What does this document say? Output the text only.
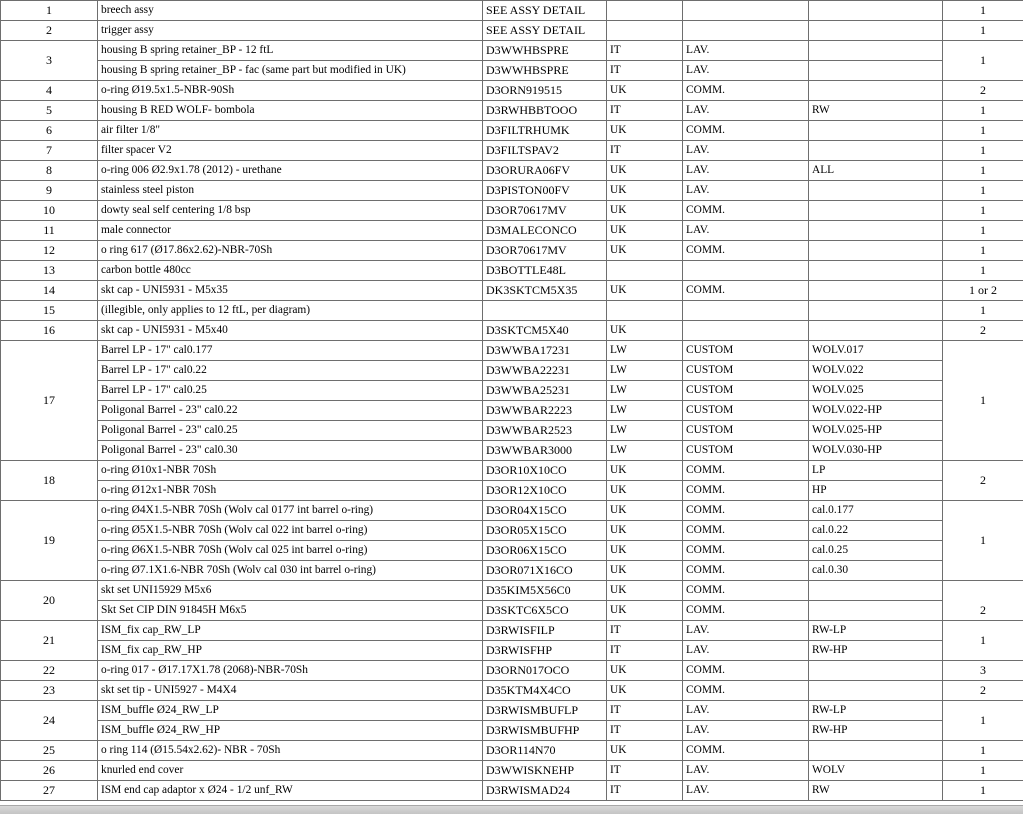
1	breech assy	SEE ASSY DETAIL				1
2	trigger assy	SEE ASSY DETAIL				1
3	housing B spring retainer_BP - 12 ftL	D3WWHBSPRE	IT	LAV.		1
	housing B spring retainer_BP - fac (same part but modified in UK)	D3WWHBSPRE	IT	LAV.		
4	o-ring Ø19.5x1.5-NBR-90Sh	D3ORN919515	UK	COMM.		2
5	housing B RED WOLF- bombola	D3RWHBBTOOO	IT	LAV.	RW	1
6	air filter 1/8"	D3FILTRHUMK	UK	COMM.		1
7	filter spacer V2	D3FILTSPAV2	IT	LAV.		1
8	o-ring 006 Ø2.9x1.78 (2012) - urethane	D3ORURA06FV	UK	LAV.	ALL	1
9	stainless steel piston	D3PISTON00FV	UK	LAV.		1
10	dowty seal self centering 1/8 bsp	D3OR70617MV	UK	COMM.		1
11	male connector	D3MALECONCO	UK	LAV.		1
12	o ring 617 (Ø17.86x2.62)-NBR-70Sh	D3OR70617MV	UK	COMM.		1
13	carbon bottle 480cc	D3BOTTLE48L				1
14	skt cap - UNI5931 - M5x35	DK3SKTCM5X35	UK	COMM.		1 or 2
15	(illegible, only applies to 12 ftL, per diagram)					1
16	skt cap - UNI5931 - M5x40	D3SKTCM5X40	UK			2
17	Barrel LP - 17" cal0.177	D3WWBA17231	LW	CUSTOM	WOLV.017	1
	Barrel LP - 17" cal0.22	D3WWBA22231	LW	CUSTOM	WOLV.022	
	Barrel LP - 17" cal0.25	D3WWBA25231	LW	CUSTOM	WOLV.025	
	Poligonal Barrel - 23" cal0.22	D3WWBAR2223	LW	CUSTOM	WOLV.022-HP	
	Poligonal Barrel - 23" cal0.25	D3WWBAR2523	LW	CUSTOM	WOLV.025-HP	
	Poligonal Barrel - 23" cal0.30	D3WWBAR3000	LW	CUSTOM	WOLV.030-HP	
18	o-ring Ø10x1-NBR 70Sh	D3OR10X10CO	UK	COMM.	LP	2
	o-ring Ø12x1-NBR 70Sh	D3OR12X10CO	UK	COMM.	HP	
19	o-ring Ø4X1.5-NBR 70Sh (Wolv cal 0177 int barrel o-ring)	D3OR04X15CO	UK	COMM.	cal.0.177	1
	o-ring Ø5X1.5-NBR 70Sh (Wolv cal 022 int barrel o-ring)	D3OR05X15CO	UK	COMM.	cal.0.22	
	o-ring Ø6X1.5-NBR 70Sh (Wolv cal 025 int barrel o-ring)	D3OR06X15CO	UK	COMM.	cal.0.25	
	o-ring Ø7.1X1.6-NBR 70Sh (Wolv cal 030 int barrel o-ring)	D3OR071X16CO	UK	COMM.	cal.0.30	
20	skt set UNI15929 M5x6	D35KIM5X56C0	UK	COMM.		2
	Skt Set CIP DIN 91845H M6x5	D3SKTC6X5CO	UK	COMM.		
21	ISM_fix cap_RW_LP	D3RWISFILP	IT	LAV.	RW-LP	1
	ISM_fix cap_RW_HP	D3RWISFHP	IT	LAV.	RW-HP	
22	o-ring 017 - Ø17.17X1.78 (2068)-NBR-70Sh	D3ORN017OCO	UK	COMM.		3
23	skt set tip - UNI5927 - M4X4	D35KTM4X4CO	UK	COMM.		2
24	ISM_buffle Ø24_RW_LP	D3RWISMBUFLP	IT	LAV.	RW-LP	1
	ISM_buffle Ø24_RW_HP	D3RWISMBUFHP	IT	LAV.	RW-HP	
25	o ring 114 (Ø15.54x2.62)- NBR - 70Sh	D3OR114N70	UK	COMM.		1
26	knurled end cover	D3WWISKNEHP	IT	LAV.	WOLV	1
27	ISM end cap adaptor x Ø24 - 1/2 unf_RW	D3RWISMAD24	IT	LAV.	RW	1
